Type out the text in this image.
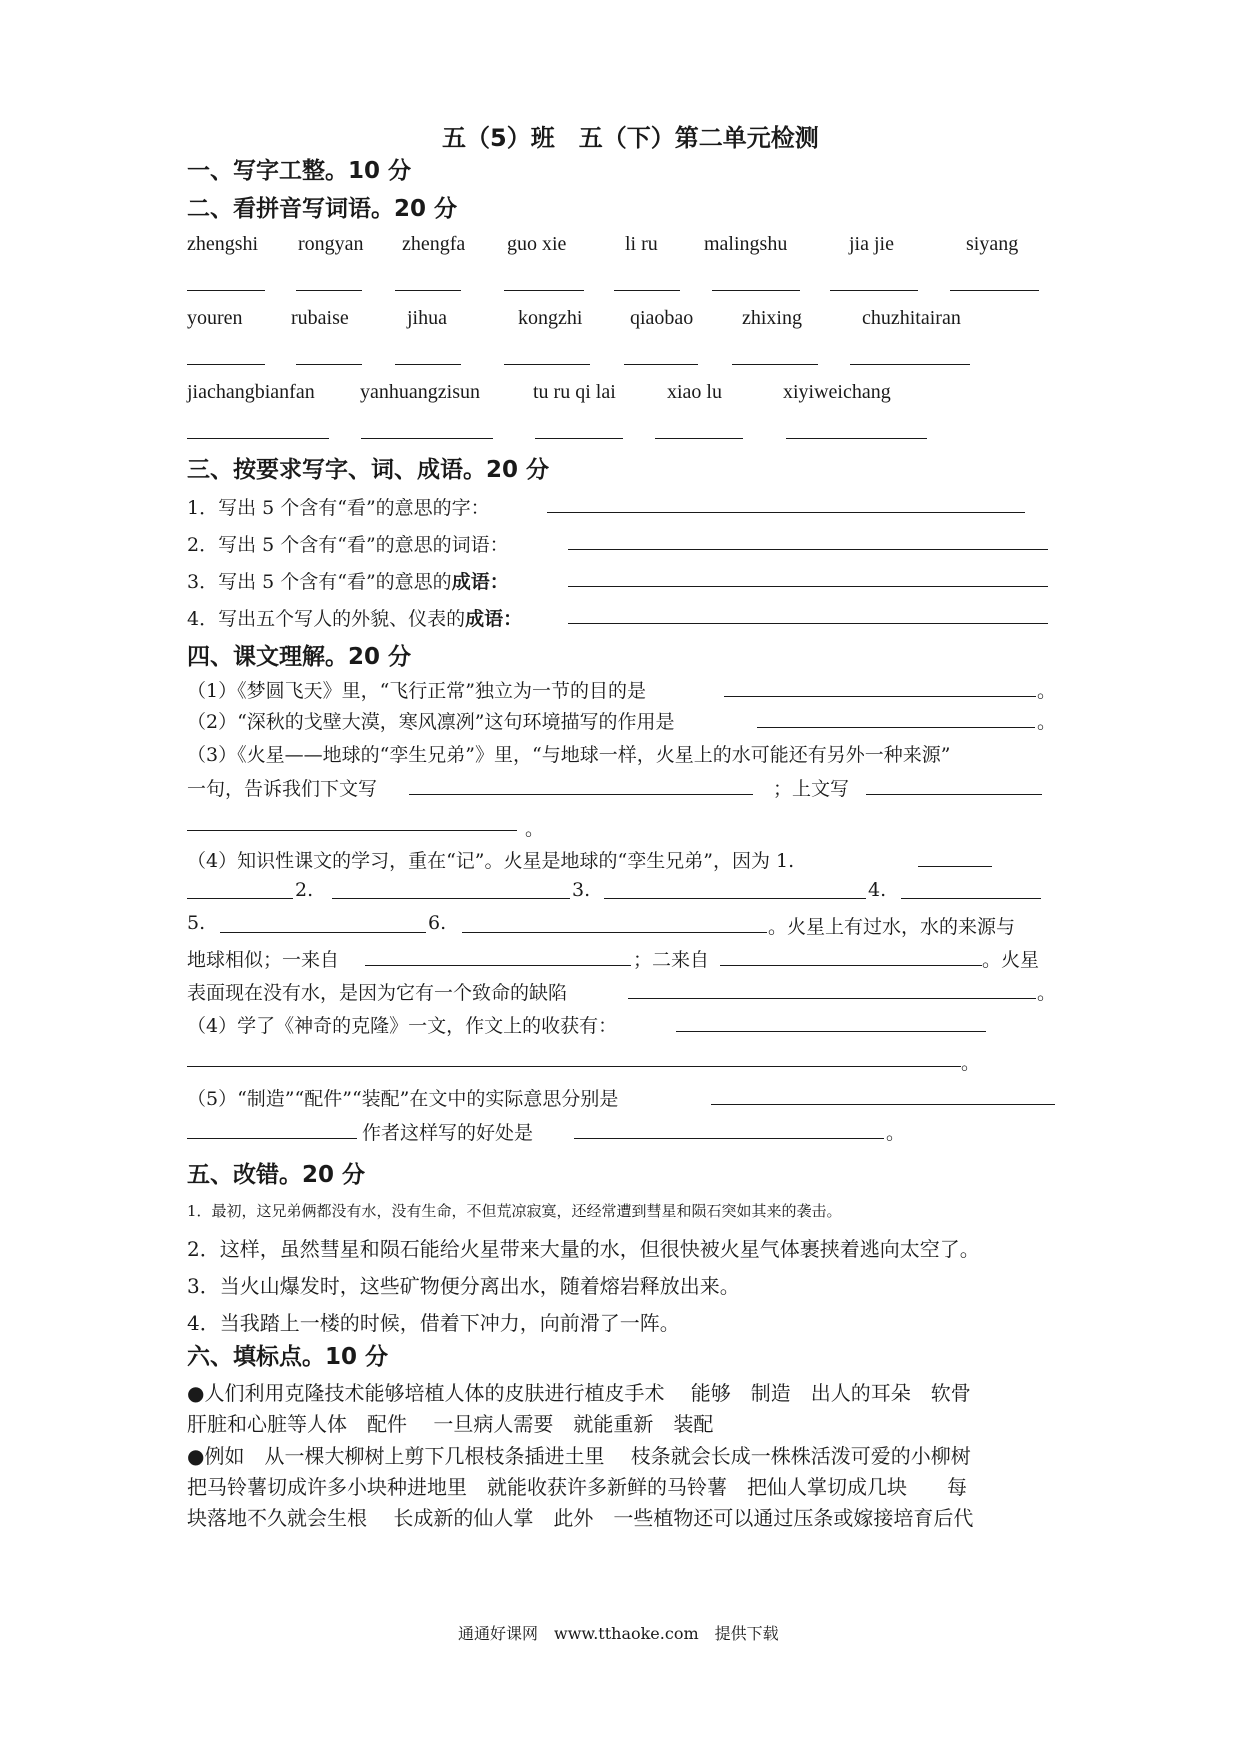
五（5）班　五（下）第二单元检测
一、写字工整。10 分
二、看拼音写词语。20 分
zhengshi rongyan zhengfa guo xie	li ru malingshu	jia jie	siyang
youren rubaise	jihua	kongzhi qiaobao zhixing	chuzhitairan
jiachangbianfan yanhuangzisun	tu ru qi lai	xiao lu	xiyiweichang
三、按要求写字、词、成语。20 分
1．写出 5 个含有“看”的意思的字：
2．写出 5 个含有“看”的意思的词语：
3．写出 5 个含有“看”的意思的成语：
4．写出五个写人的外貌、仪表的成语：
四、课文理解。20 分
（1）《梦圆飞天》里，“飞行正常”独立为一节的目的是	。
（2）“深秋的戈壁大漠，寒风凛冽”这句环境描写的作用是	。
（3）《火星——地球的“孪生兄弟”》里，“与地球一样，火星上的水可能还有另外一种来源”
一句，告诉我们下文写	；上文写
。
（4）知识性课文的学习，重在“记”。火星是地球的“孪生兄弟”，因为 1.
2.	3.	4.
5.	6.	。火星上有过水，水的来源与
地球相似；一来自	；二来自	。火星
表面现在没有水，是因为它有一个致命的缺陷	。
（4）学了《神奇的克隆》一文，作文上的收获有：
。
（5）“制造”“配件”“装配”在文中的实际意思分别是
作者这样写的好处是	。
五、改错。20 分
1．最初，这兄弟俩都没有水，没有生命，不但荒凉寂寞，还经常遭到彗星和陨石突如其来的袭击。
2．这样，虽然彗星和陨石能给火星带来大量的水，但很快被火星气体裹挟着逃向太空了。
3．当火山爆发时，这些矿物便分离出水，随着熔岩释放出来。
4．当我踏上一楼的时候，借着下冲力，向前滑了一阵。
六、填标点。10 分
●人们利用克隆技术能够培植人体的皮肤进行植皮手术　 能够　制造　出人的耳朵　软骨
肝脏和心脏等人体　配件　 一旦病人需要　就能重新　装配
●例如　从一棵大柳树上剪下几根枝条插进土里　 枝条就会长成一株株活泼可爱的小柳树
把马铃薯切成许多小块种进地里　就能收获许多新鲜的马铃薯　把仙人掌切成几块　　每
块落地不久就会生根　 长成新的仙人掌　此外　一些植物还可以通过压条或嫁接培育后代
通通好课网　www.tthaoke.com　提供下载
